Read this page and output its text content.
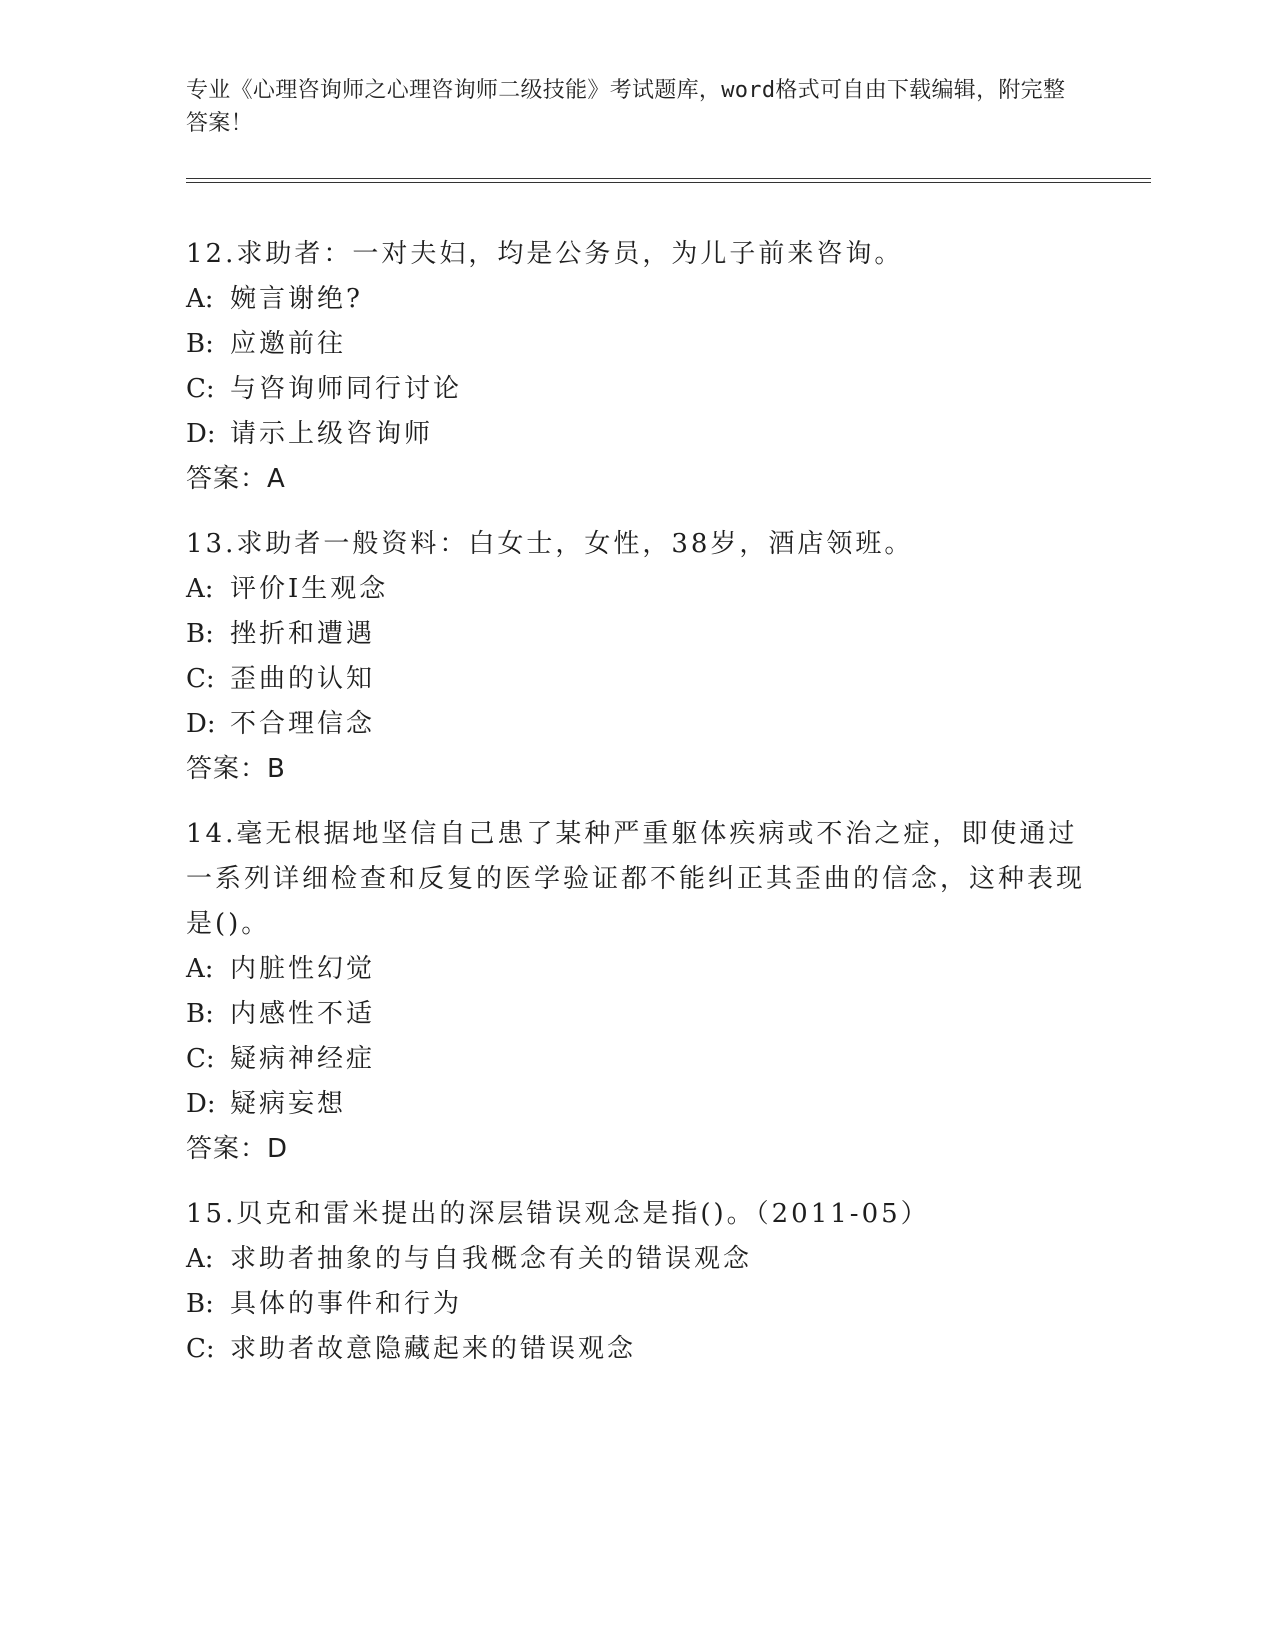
专业《心理咨询师之心理咨询师二级技能》考试题库，word格式可自由下载编辑，附完整答案！
12.求助者：一对夫妇，均是公务员，为儿子前来咨询。
A: 婉言谢绝?
B: 应邀前往
C: 与咨询师同行讨论
D: 请示上级咨询师
答案：A
13.求助者一般资料：白女士，女性，38岁，酒店领班。
A: 评价I生观念
B: 挫折和遭遇
C: 歪曲的认知
D: 不合理信念
答案：B
14.毫无根据地坚信自己患了某种严重躯体疾病或不治之症，即使通过一系列详细检查和反复的医学验证都不能纠正其歪曲的信念，这种表现是()。
A: 内脏性幻觉
B: 内感性不适
C: 疑病神经症
D: 疑病妄想
答案：D
15.贝克和雷米提出的深层错误观念是指()。（2011-05）
A: 求助者抽象的与自我概念有关的错误观念
B: 具体的事件和行为
C: 求助者故意隐藏起来的错误观念
